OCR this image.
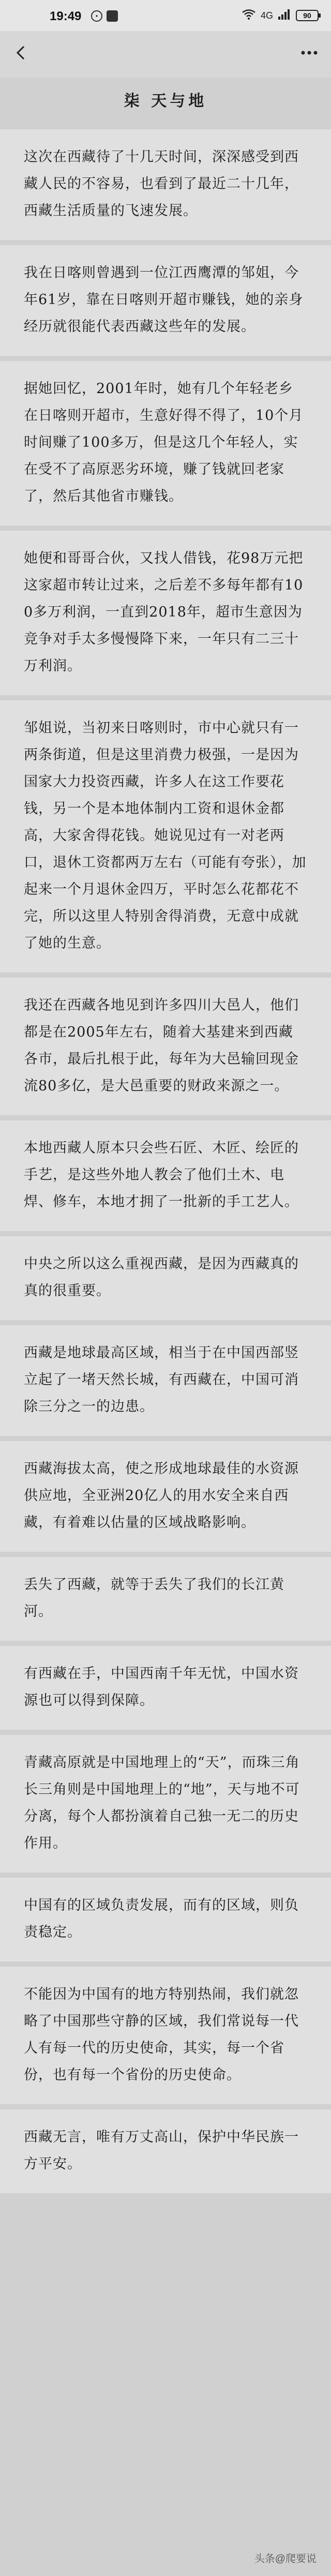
19:49	•	4G	90
柒 天与地

这次在西藏待了十几天时间，深深感受到西藏人民的不容易，也看到了最近二十几年，西藏生活质量的飞速发展。

我在日喀则曾遇到一位江西鹰潭的邹姐，今年61岁，靠在日喀则开超市赚钱，她的亲身经历就很能代表西藏这些年的发展。

据她回忆，2001年时，她有几个年轻老乡在日喀则开超市，生意好得不得了，10个月时间赚了100多万，但是这几个年轻人，实在受不了高原恶劣环境，赚了钱就回老家了，然后其他省市赚钱。

她便和哥哥合伙，又找人借钱，花98万元把这家超市转让过来，之后差不多每年都有100多万利润，一直到2018年，超市生意因为竞争对手太多慢慢降下来，一年只有二三十万利润。

邹姐说，当初来日喀则时，市中心就只有一两条街道，但是这里消费力极强，一是因为国家大力投资西藏，许多人在这工作要花钱，另一个是本地体制内工资和退休金都高，大家舍得花钱。她说见过有一对老两口，退休工资都两万左右（可能有夸张），加起来一个月退休金四万，平时怎么花都花不完，所以这里人特别舍得消费，无意中成就了她的生意。

我还在西藏各地见到许多四川大邑人，他们都是在2005年左右，随着大基建来到西藏各市，最后扎根于此，每年为大邑输回现金流80多亿，是大邑重要的财政来源之一。

本地西藏人原本只会些石匠、木匠、绘匠的手艺，是这些外地人教会了他们土木、电焊、修车，本地才拥了一批新的手工艺人。

中央之所以这么重视西藏，是因为西藏真的真的很重要。

西藏是地球最高区域，相当于在中国西部竖立起了一堵天然长城，有西藏在，中国可消除三分之一的边患。

西藏海拔太高，使之形成地球最佳的水资源供应地，全亚洲20亿人的用水安全来自西藏，有着难以估量的区域战略影响。

丢失了西藏，就等于丢失了我们的长江黄河。

有西藏在手，中国西南千年无忧，中国水资源也可以得到保障。

青藏高原就是中国地理上的“天”，而珠三角长三角则是中国地理上的“地”，天与地不可分离，每个人都扮演着自己独一无二的历史作用。

中国有的区域负责发展，而有的区域，则负责稳定。

不能因为中国有的地方特别热闹，我们就忽略了中国那些守静的区域，我们常说每一代人有每一代的历史使命，其实，每一个省份，也有每一个省份的历史使命。

西藏无言，唯有万丈高山，保护中华民族一方平安。

头条@爬要说
